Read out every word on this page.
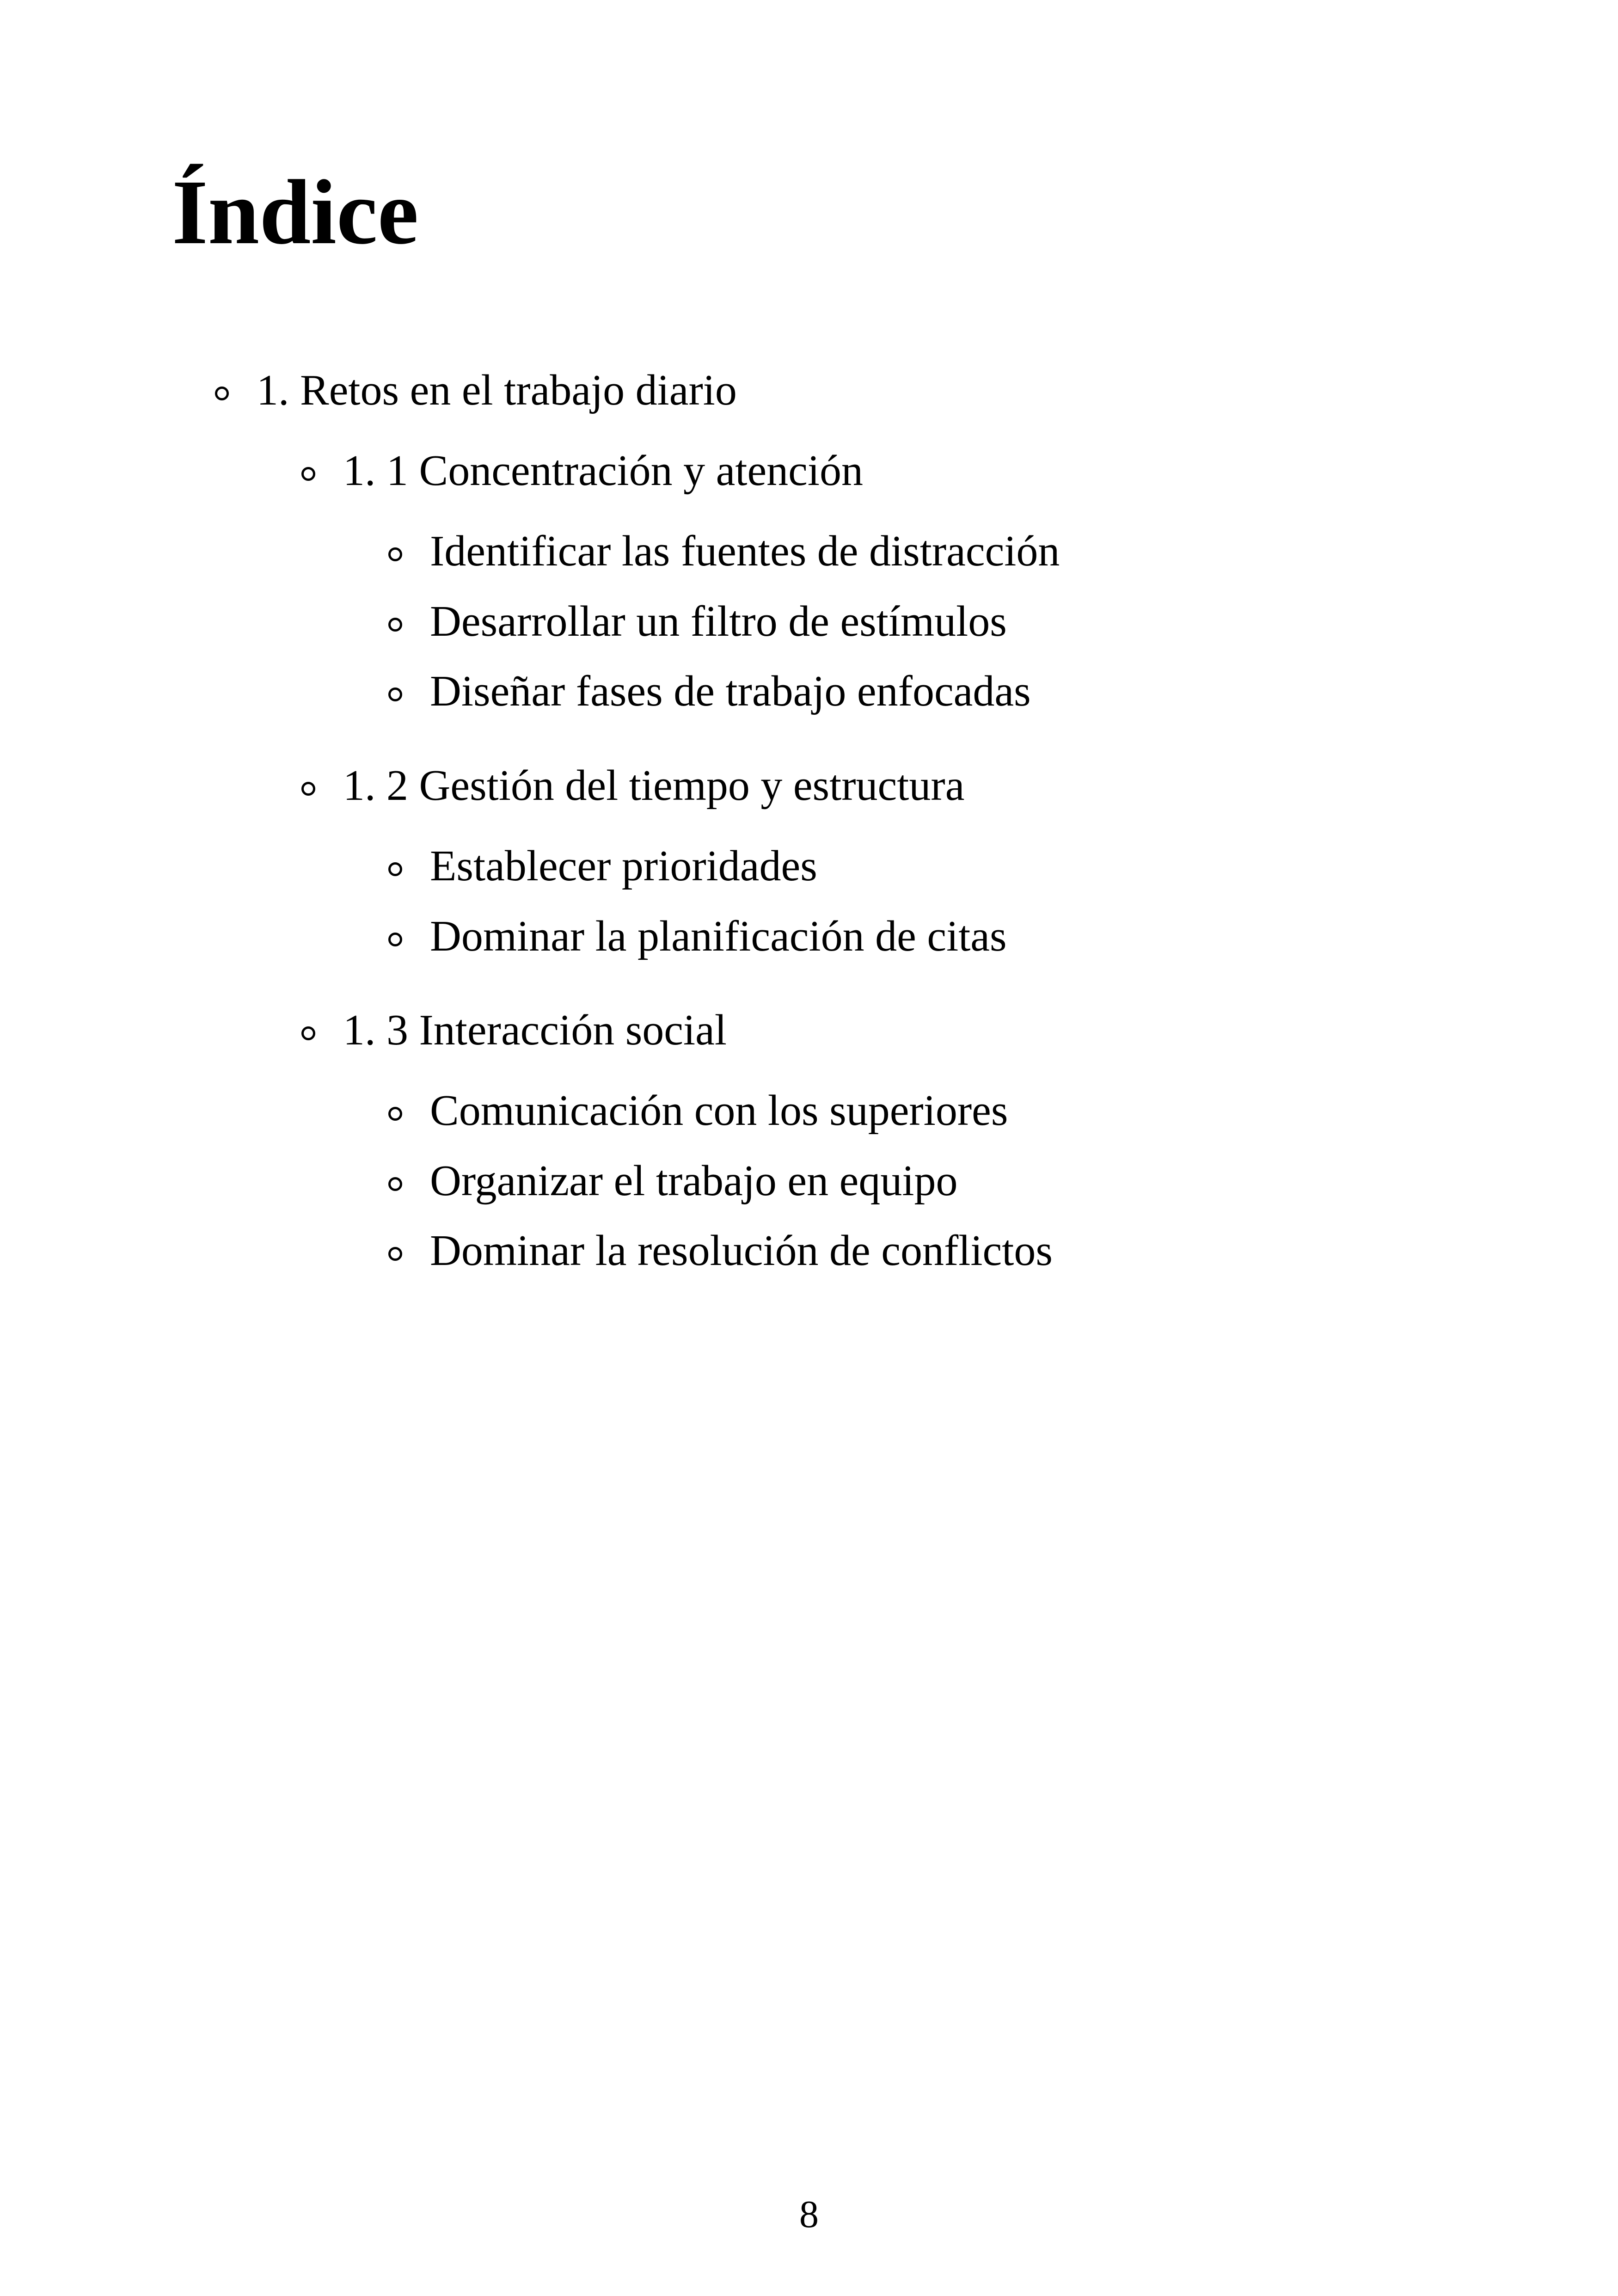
Índice
1. Retos en el trabajo diario
1. 1 Concentración y atención
Identificar las fuentes de distracción
Desarrollar un filtro de estímulos
Diseñar fases de trabajo enfocadas
1. 2 Gestión del tiempo y estructura
Establecer prioridades
Dominar la planificación de citas
1. 3 Interacción social
Comunicación con los superiores
Organizar el trabajo en equipo
Dominar la resolución de conflictos
8
